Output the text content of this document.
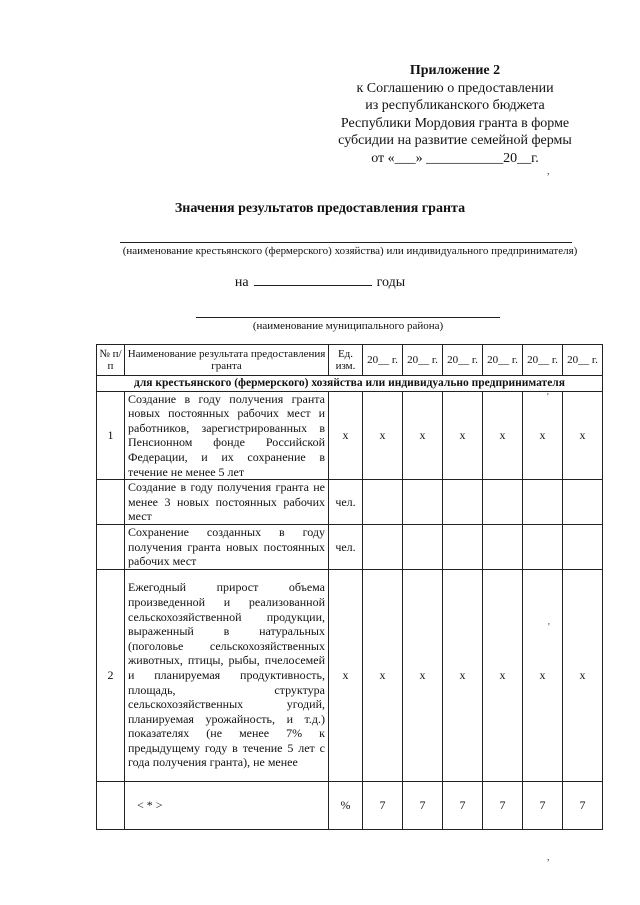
Приложение 2
к Соглашению о предоставлении
из республиканского бюджета
Республики Мордовия гранта в форме
субсидии на развитие семейной фермы
от «___» ___________20__г.
Значения результатов предоставления гранта
(наименование крестьянского (фермерского) хозяйства) или индивидуального предпринимателя)
на	годы
(наименование муниципального района)
№ п/п	Наименование результата предоставления гранта	Ед. изм.	20__ г.	20__ г.	20__ г.	20__ г.	20__ г.	20__ г.
для крестьянского (фермерского) хозяйства или индивидуально предпринимателя								
1	Создание в году получения гранта новых постоянных рабочих мест и работников, зарегистрированных в Пенсионном фонде Российской Федерации, и их сохранение в течение не менее 5 лет	х	х	х	х	х	х	х
	Создание в году получения гранта не менее 3 новых постоянных рабочих мест	чел.						
	Сохранение созданных в году получения гранта новых постоянных рабочих мест	чел.						
2	Ежегодный прирост объема произведенной и реализованной сельскохозяйственной продукции, выраженный в натуральных (поголовье сельскохозяйственных животных, птицы, рыбы, пчелосемей и планируемая продуктивность, площадь, структура сельскохозяйственных угодий, планируемая урожайность, и т.д.) показателях (не менее 7% к предыдущему году в течение 5 лет с года получения гранта), не менее	х	х	х	х	х	х	х
	< * >	%	7	7	7	7	7	7
,
'
'
,
